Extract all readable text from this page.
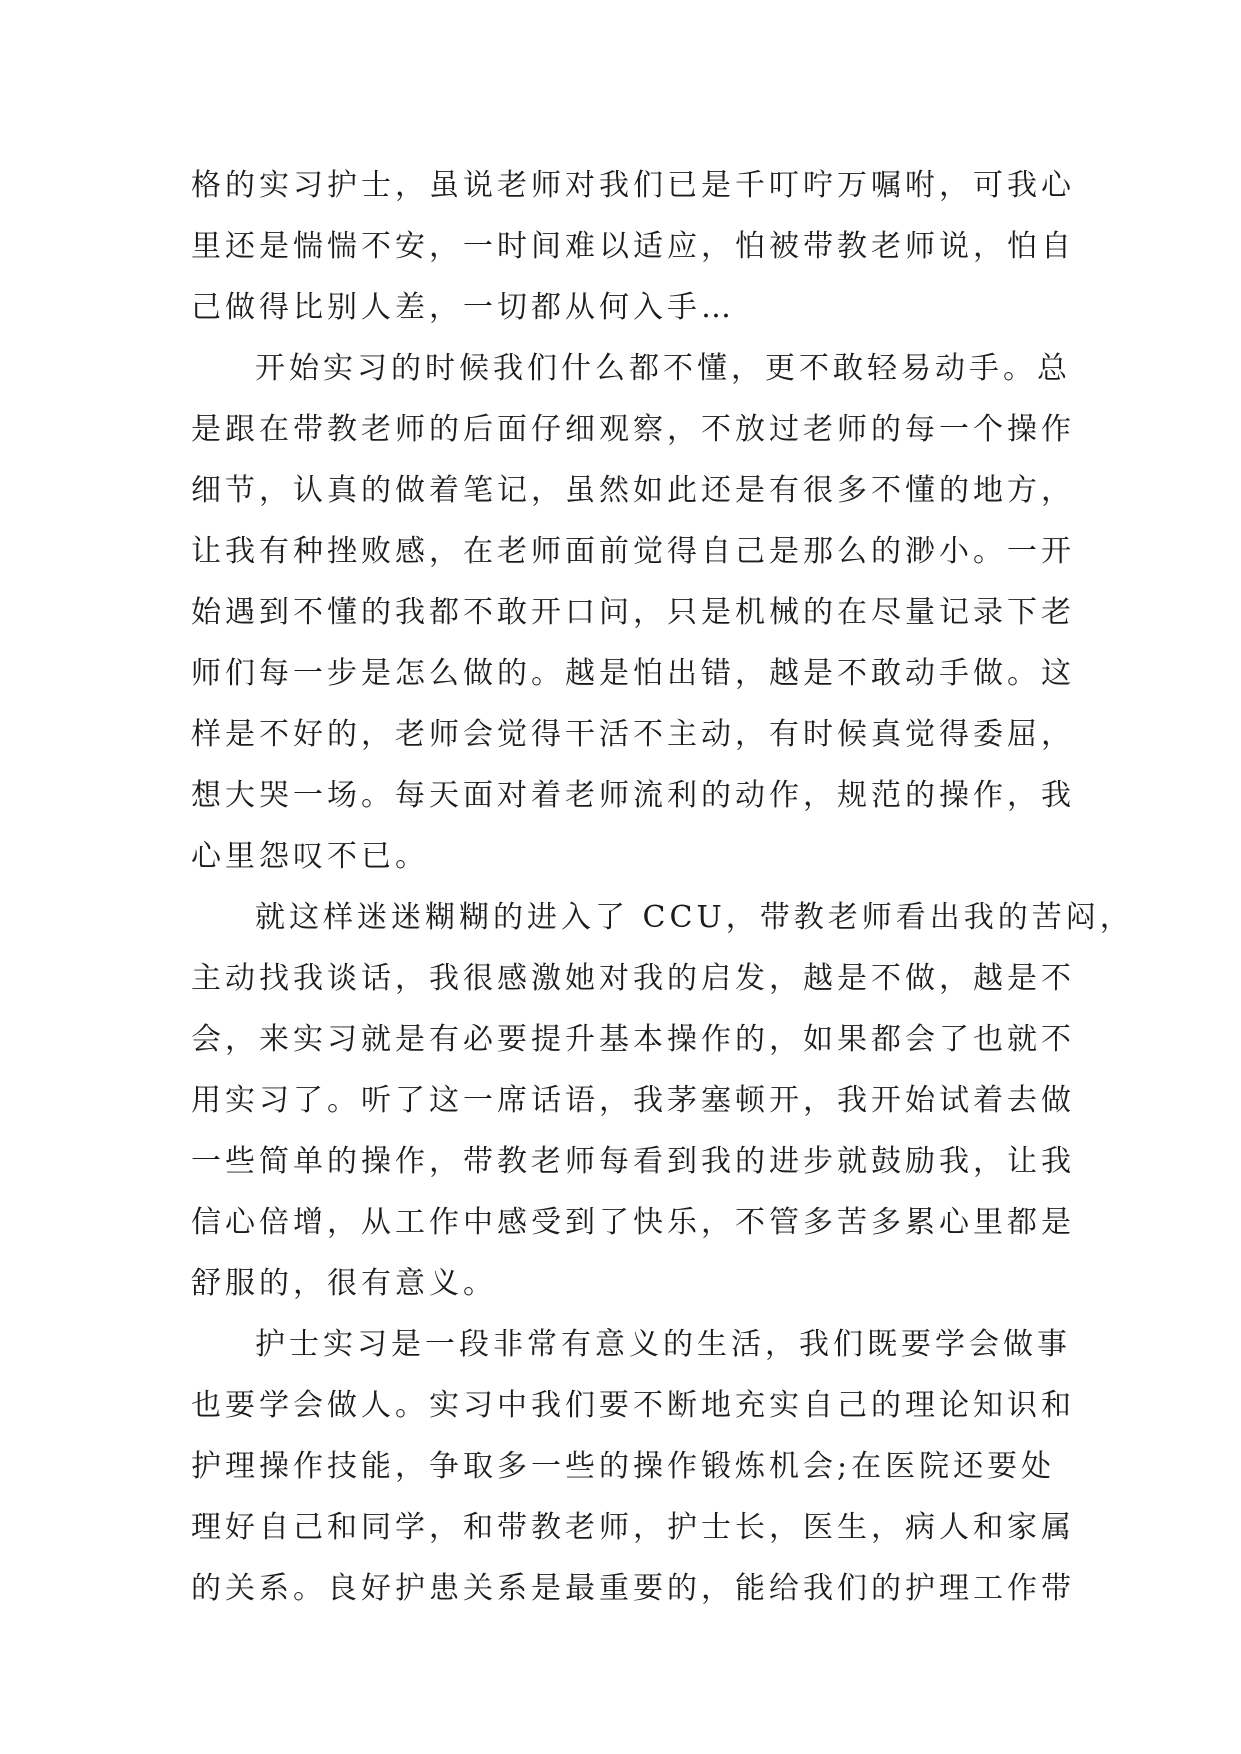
格的实习护士，虽说老师对我们已是千叮咛万嘱咐，可我心
里还是惴惴不安，一时间难以适应，怕被带教老师说，怕自
己做得比别人差，一切都从何入手…
开始实习的时候我们什么都不懂，更不敢轻易动手。总
是跟在带教老师的后面仔细观察，不放过老师的每一个操作
细节，认真的做着笔记，虽然如此还是有很多不懂的地方，
让我有种挫败感，在老师面前觉得自己是那么的渺小。一开
始遇到不懂的我都不敢开口问，只是机械的在尽量记录下老
师们每一步是怎么做的。越是怕出错，越是不敢动手做。这
样是不好的，老师会觉得干活不主动，有时候真觉得委屈，
想大哭一场。每天面对着老师流利的动作，规范的操作，我
心里怨叹不已。
就这样迷迷糊糊的进入了 CCU，带教老师看出我的苦闷，
主动找我谈话，我很感激她对我的启发，越是不做，越是不
会，来实习就是有必要提升基本操作的，如果都会了也就不
用实习了。听了这一席话语，我茅塞顿开，我开始试着去做
一些简单的操作，带教老师每看到我的进步就鼓励我，让我
信心倍增，从工作中感受到了快乐，不管多苦多累心里都是
舒服的，很有意义。
护士实习是一段非常有意义的生活，我们既要学会做事
也要学会做人。实习中我们要不断地充实自己的理论知识和
护理操作技能，争取多一些的操作锻炼机会;在医院还要处
理好自己和同学，和带教老师，护士长，医生，病人和家属
的关系。良好护患关系是最重要的，能给我们的护理工作带
